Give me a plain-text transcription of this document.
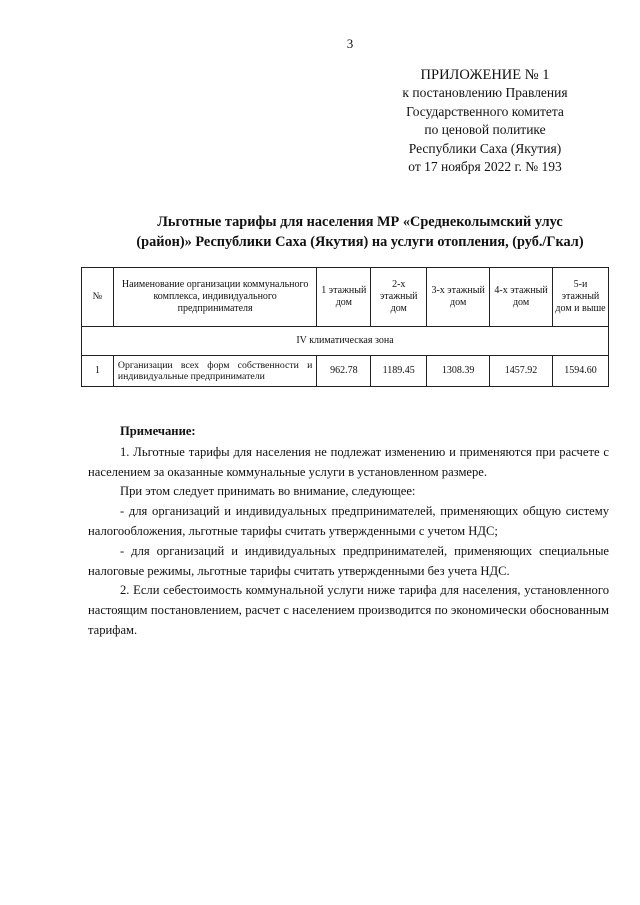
3
ПРИЛОЖЕНИЕ № 1
к постановлению Правления
Государственного комитета
по ценовой политике
Республики Саха (Якутия)
от 17 ноября 2022 г. № 193
Льготные тарифы для населения МР «Среднеколымский улус
(район)» Республики Саха (Якутия) на услуги отопления, (руб./Гкал)
№	Наименование организации коммунального комплекса, индивидуального предпринимателя	1 этажный дом	2-х этажный дом	3-х этажный дом	4-х этажный дом	5-и этажный дом и выше
IV климатическая зона						
1	Организации всех форм собственности и индивидуальные предприниматели	962.78	1189.45	1308.39	1457.92	1594.60

Примечание:

1. Льготные тарифы для населения не подлежат изменению и применяются при расчете с населением за оказанные коммунальные услуги в установленном размере.

При этом следует принимать во внимание, следующее:

- для организаций и индивидуальных предпринимателей, применяющих общую систему налогообложения, льготные тарифы считать утвержденными с учетом НДС;

- для организаций и индивидуальных предпринимателей, применяющих специальные налоговые режимы, льготные тарифы считать утвержденными без учета НДС.

2. Если себестоимость коммунальной услуги ниже тарифа для населения, установленного настоящим постановлением, расчет с населением производится по экономически обоснованным тарифам.
